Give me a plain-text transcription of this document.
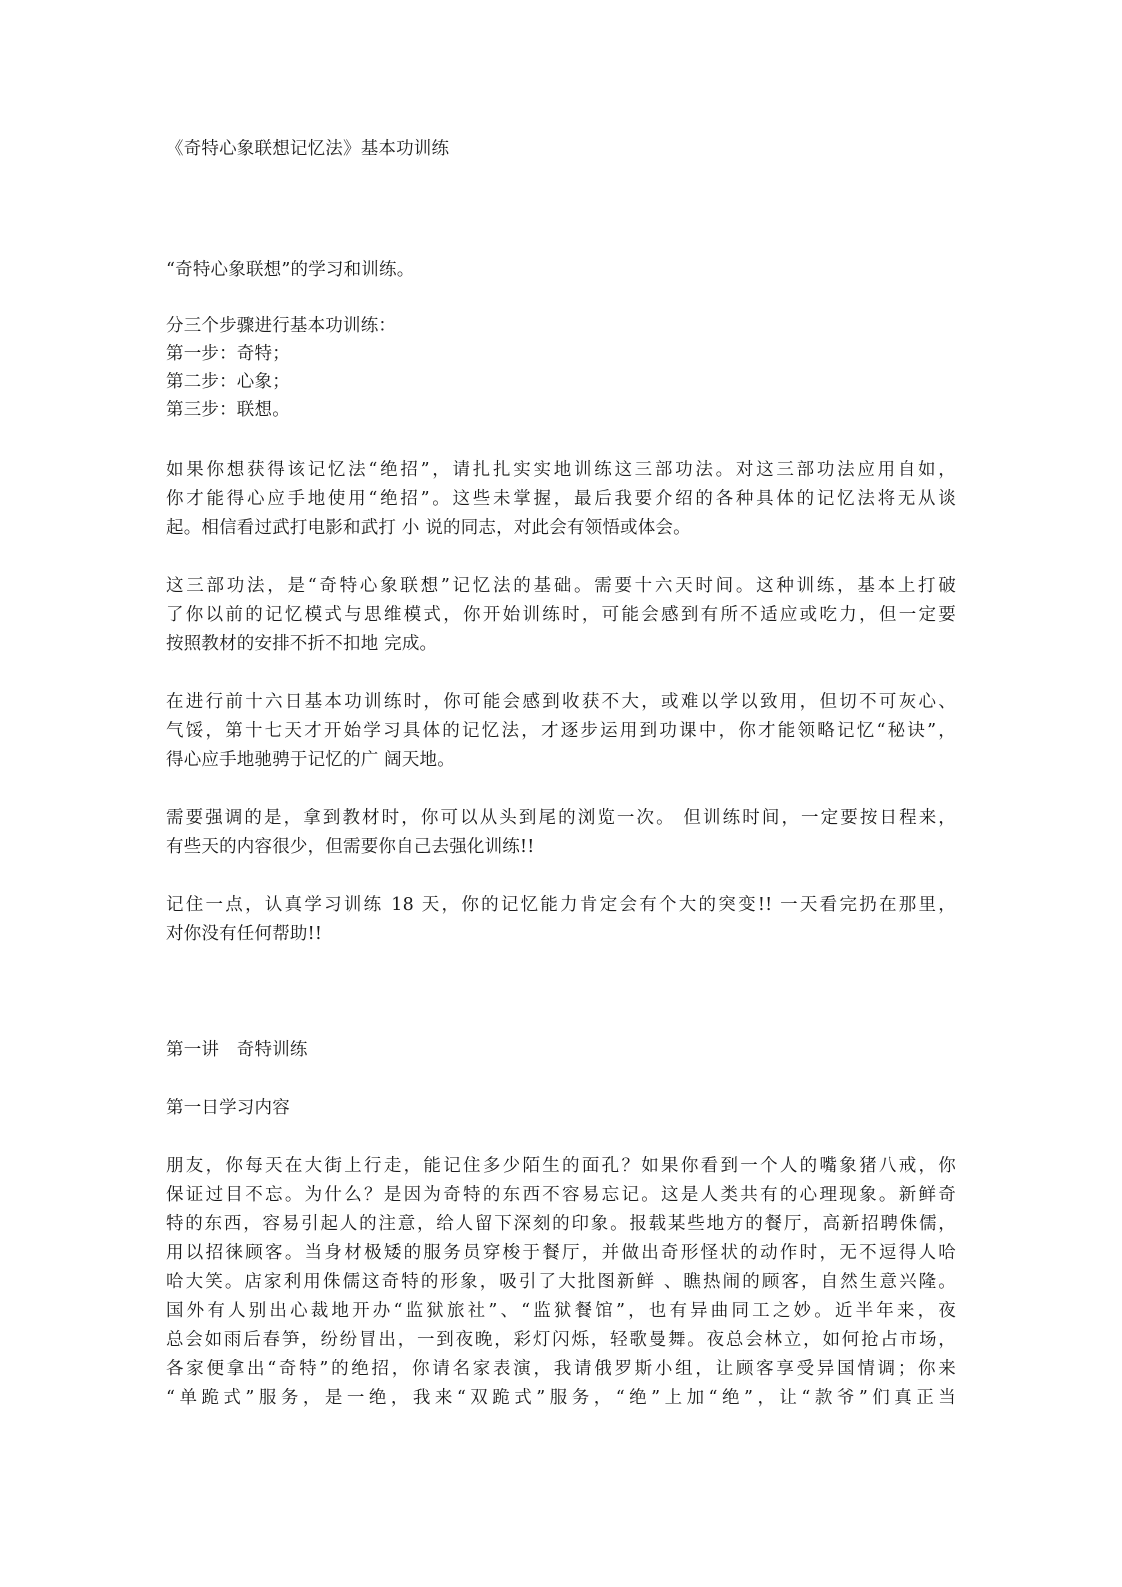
《奇特心象联想记忆法》基本功训练
“奇特心象联想”的学习和训练。
分三个步骤进行基本功训练：
第一步：奇特；
第二步：心象；
第三步：联想。
如果你想获得该记忆法“绝招”，请扎扎实实地训练这三部功法。对这三部功法应用自如，
你才能得心应手地使用“绝招”。这些未掌握，最后我要介绍的各种具体的记忆法将无从谈
起。相信看过武打电影和武打 小 说的同志，对此会有领悟或体会。
这三部功法，是“奇特心象联想”记忆法的基础。需要十六天时间。这种训练，基本上打破
了你以前的记忆模式与思维模式，你开始训练时，可能会感到有所不适应或吃力，但一定要
按照教材的安排不折不扣地 完成。
在进行前十六日基本功训练时，你可能会感到收获不大，或难以学以致用，但切不可灰心、
气馁，第十七天才开始学习具体的记忆法，才逐步运用到功课中，你才能领略记忆“秘诀”，
得心应手地驰骋于记忆的广 阔天地。
需要强调的是，拿到教材时，你可以从头到尾的浏览一次。 但训练时间，一定要按日程来，
有些天的内容很少，但需要你自己去强化训练!!
记住一点，认真学习训练 18 天，你的记忆能力肯定会有个大的突变!! 一天看完扔在那里，
对你没有任何帮助!!
第一讲　奇特训练
第一日学习内容
朋友，你每天在大街上行走，能记住多少陌生的面孔？如果你看到一个人的嘴象猪八戒，你
保证过目不忘。为什么？是因为奇特的东西不容易忘记。这是人类共有的心理现象。新鲜奇
特的东西，容易引起人的注意，给人留下深刻的印象。报载某些地方的餐厅，高新招聘侏儒，
用以招徕顾客。当身材极矮的服务员穿梭于餐厅，并做出奇形怪状的动作时，无不逗得人哈
哈大笑。店家利用侏儒这奇特的形象，吸引了大批图新鲜 、瞧热闹的顾客，自然生意兴隆。
国外有人别出心裁地开办“监狱旅社”、“监狱餐馆”，也有异曲同工之妙。近半年来，夜
总会如雨后春笋，纷纷冒出，一到夜晚，彩灯闪烁，轻歌曼舞。夜总会林立，如何抢占市场，
各家便拿出“奇特”的绝招，你请名家表演，我请俄罗斯小组，让顾客享受异国情调；你来
“单跪式”服务，是一绝，我来“双跪式”服务，“绝”上加“绝”，让“款爷”们真正当
